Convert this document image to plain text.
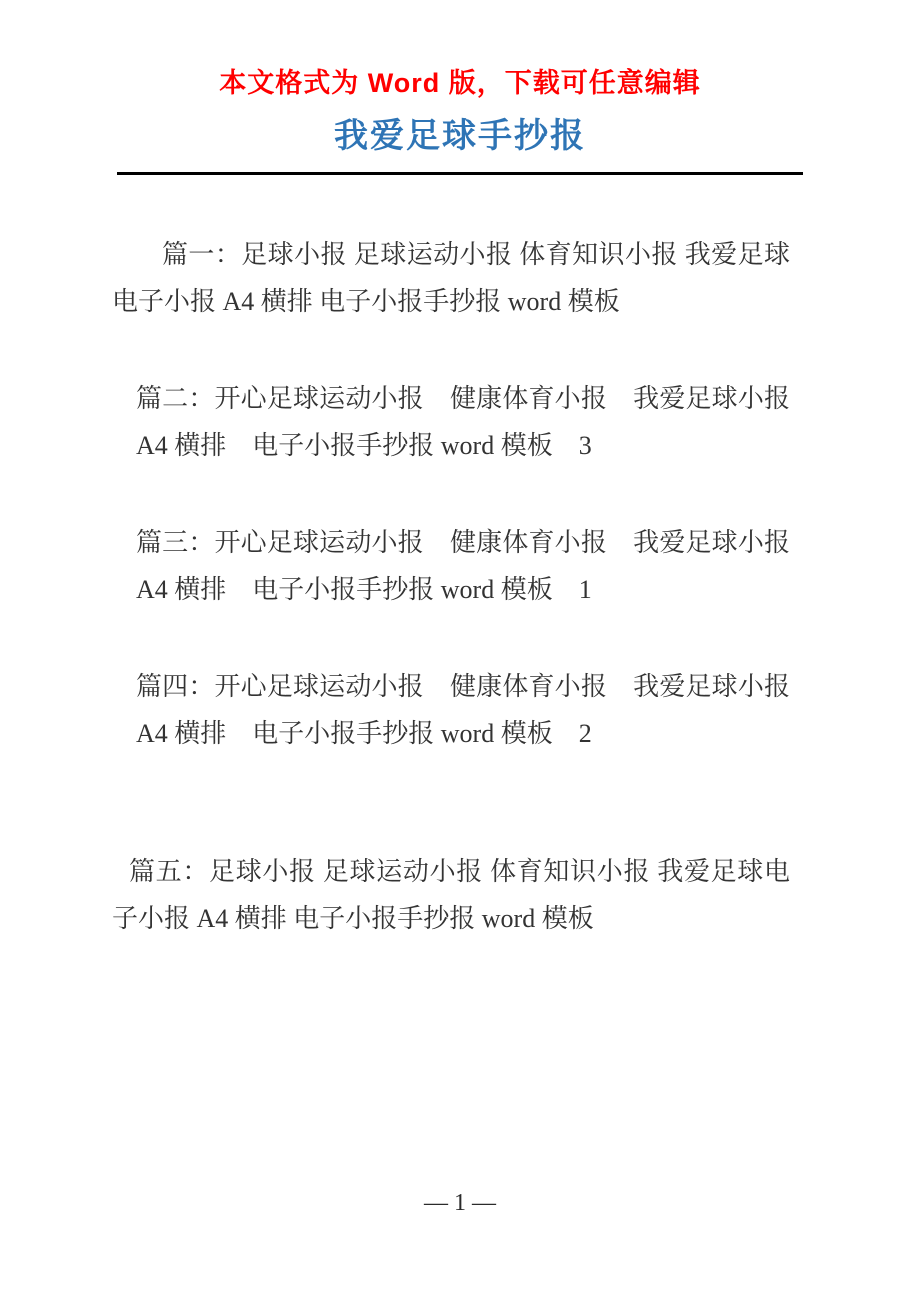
本文格式为 Word 版，下载可任意编辑
我爱足球手抄报

篇一：足球小报 足球运动小报 体育知识小报 我爱足球
电子小报 A4 横排 电子小报手抄报 word 模板

篇二：开心足球运动小报　健康体育小报　我爱足球小报
A4 横排　电子小报手抄报 word 模板　3

篇三：开心足球运动小报　健康体育小报　我爱足球小报
A4 横排　电子小报手抄报 word 模板　1

篇四：开心足球运动小报　健康体育小报　我爱足球小报
A4 横排　电子小报手抄报 word 模板　2

篇五：足球小报 足球运动小报 体育知识小报 我爱足球电
子小报 A4 横排 电子小报手抄报 word 模板

— 1 —
